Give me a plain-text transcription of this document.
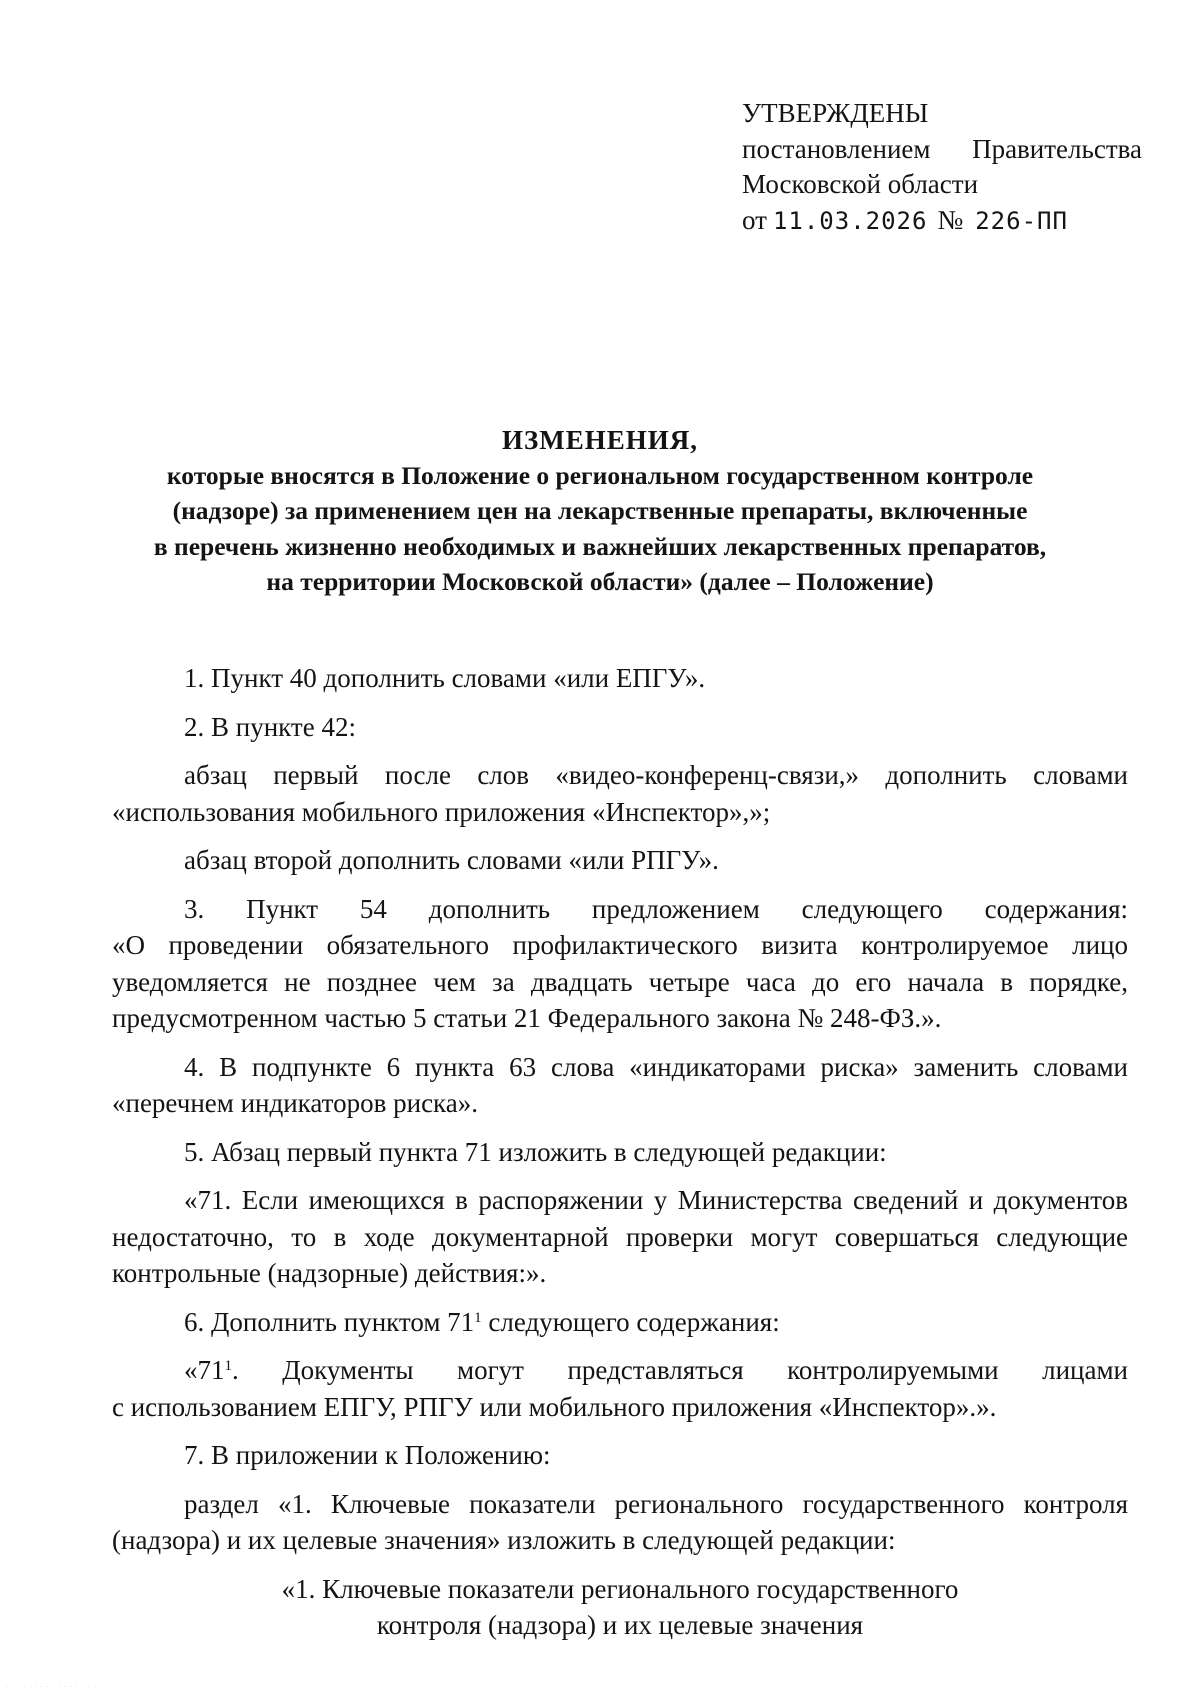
УТВЕРЖДЕНЫ
постановлением Правительства
Московской области
от 11.03.2026 № 226-ПП
ИЗМЕНЕНИЯ,
которые вносятся в Положение о региональном государственном контроле
(надзоре) за применением цен на лекарственные препараты, включенные
в перечень жизненно необходимых и важнейших лекарственных препаратов,
на территории Московской области» (далее – Положение)
1. Пункт 40 дополнить словами «или ЕПГУ».
2. В пункте 42:
абзац первый после слов «видео-конференц-связи,» дополнить словами
«использования мобильного приложения «Инспектор»,»;
абзац второй дополнить словами «или РПГУ».
3. Пункт 54 дополнить предложением следующего содержания:
«О проведении обязательного профилактического визита контролируемое лицо
уведомляется не позднее чем за двадцать четыре часа до его начала в порядке,
предусмотренном частью 5 статьи 21 Федерального закона № 248-ФЗ.».
4. В подпункте 6 пункта 63 слова «индикаторами риска» заменить словами
«перечнем индикаторов риска».
5. Абзац первый пункта 71 изложить в следующей редакции:
«71. Если имеющихся в распоряжении у Министерства сведений и документов
недостаточно, то в ходе документарной проверки могут совершаться следующие
контрольные (надзорные) действия:».
6. Дополнить пунктом $71^1$ следующего содержания:
«$71^1$. Документы могут представляться контролируемыми лицами
с использованием ЕПГУ, РПГУ или мобильного приложения «Инспектор».».
7. В приложении к Положению:
раздел «1. Ключевые показатели регионального государственного контроля
(надзора) и их целевые значения» изложить в следующей редакции:
«1. Ключевые показатели регионального государственного
контроля (надзора) и их целевые значения
· · · · · · · · · · · · · · · ·
